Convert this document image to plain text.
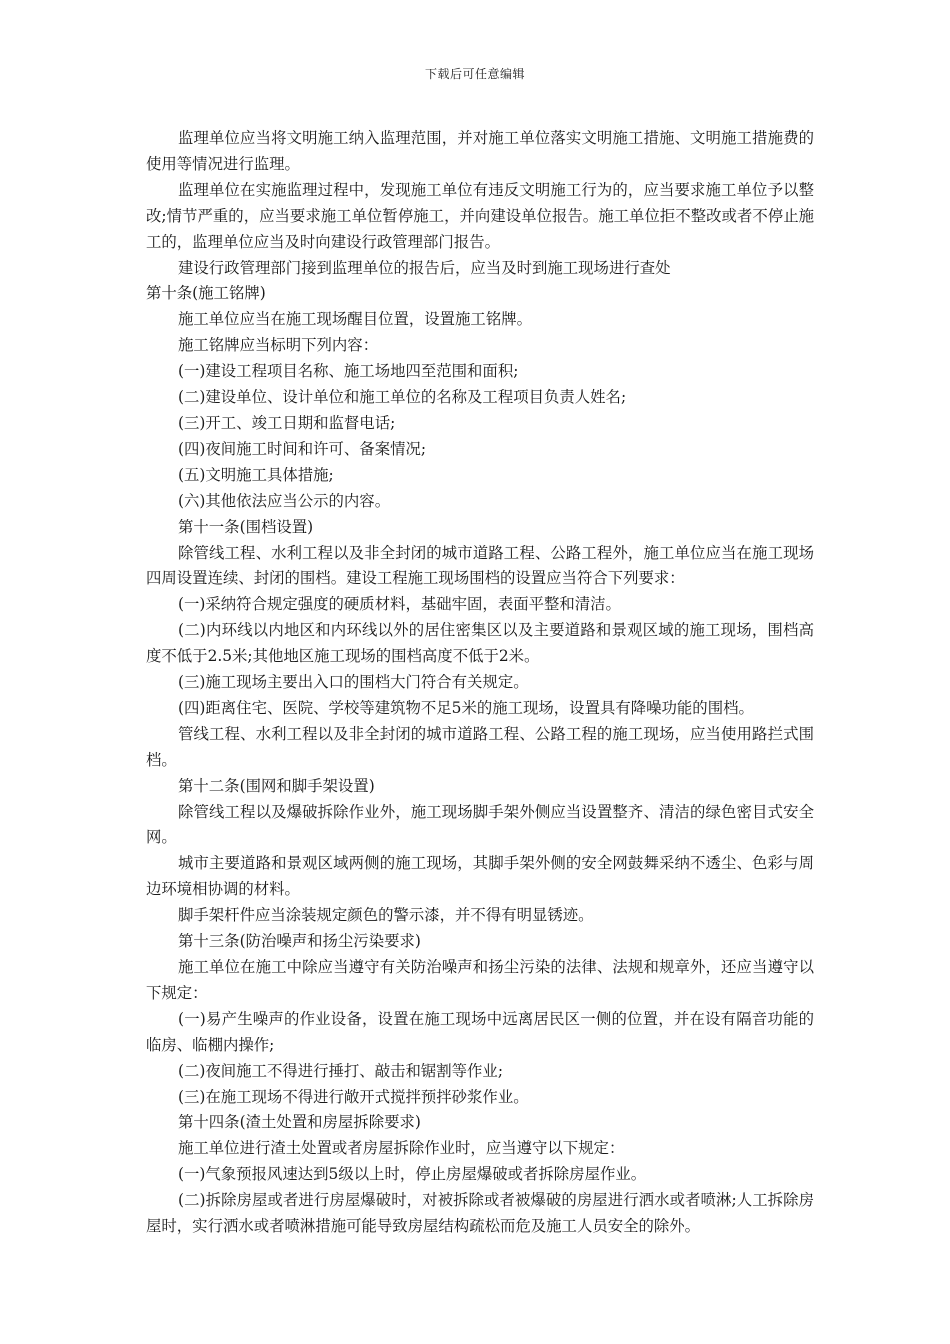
下载后可任意编辑

监理单位应当将文明施工纳入监理范围，并对施工单位落实文明施工措施、文明施工措施费的使用等情况进行监理。

监理单位在实施监理过程中，发现施工单位有违反文明施工行为的，应当要求施工单位予以整改;情节严重的，应当要求施工单位暂停施工，并向建设单位报告。施工单位拒不整改或者不停止施工的，监理单位应当及时向建设行政管理部门报告。

建设行政管理部门接到监理单位的报告后，应当及时到施工现场进行查处

第十条(施工铭牌)

施工单位应当在施工现场醒目位置，设置施工铭牌。

施工铭牌应当标明下列内容：

(一)建设工程项目名称、施工场地四至范围和面积;

(二)建设单位、设计单位和施工单位的名称及工程项目负责人姓名;

(三)开工、竣工日期和监督电话;

(四)夜间施工时间和许可、备案情况;

(五)文明施工具体措施;

(六)其他依法应当公示的内容。

第十一条(围档设置)

除管线工程、水利工程以及非全封闭的城市道路工程、公路工程外，施工单位应当在施工现场四周设置连续、封闭的围档。建设工程施工现场围档的设置应当符合下列要求：

(一)采纳符合规定强度的硬质材料，基础牢固，表面平整和清洁。

(二)内环线以内地区和内环线以外的居住密集区以及主要道路和景观区域的施工现场，围档高度不低于2.5米;其他地区施工现场的围档高度不低于2米。

(三)施工现场主要出入口的围档大门符合有关规定。

(四)距离住宅、医院、学校等建筑物不足5米的施工现场，设置具有降噪功能的围档。

管线工程、水利工程以及非全封闭的城市道路工程、公路工程的施工现场，应当使用路拦式围档。

第十二条(围网和脚手架设置)

除管线工程以及爆破拆除作业外，施工现场脚手架外侧应当设置整齐、清洁的绿色密目式安全网。

城市主要道路和景观区域两侧的施工现场，其脚手架外侧的安全网鼓舞采纳不透尘、色彩与周边环境相协调的材料。

脚手架杆件应当涂装规定颜色的警示漆，并不得有明显锈迹。

第十三条(防治噪声和扬尘污染要求)

施工单位在施工中除应当遵守有关防治噪声和扬尘污染的法律、法规和规章外，还应当遵守以下规定：

(一)易产生噪声的作业设备，设置在施工现场中远离居民区一侧的位置，并在设有隔音功能的临房、临棚内操作;

(二)夜间施工不得进行捶打、敲击和锯割等作业;

(三)在施工现场不得进行敞开式搅拌预拌砂浆作业。

第十四条(渣土处置和房屋拆除要求)

施工单位进行渣土处置或者房屋拆除作业时，应当遵守以下规定：

(一)气象预报风速达到5级以上时，停止房屋爆破或者拆除房屋作业。

(二)拆除房屋或者进行房屋爆破时，对被拆除或者被爆破的房屋进行洒水或者喷淋;人工拆除房屋时，实行洒水或者喷淋措施可能导致房屋结构疏松而危及施工人员安全的除外。
